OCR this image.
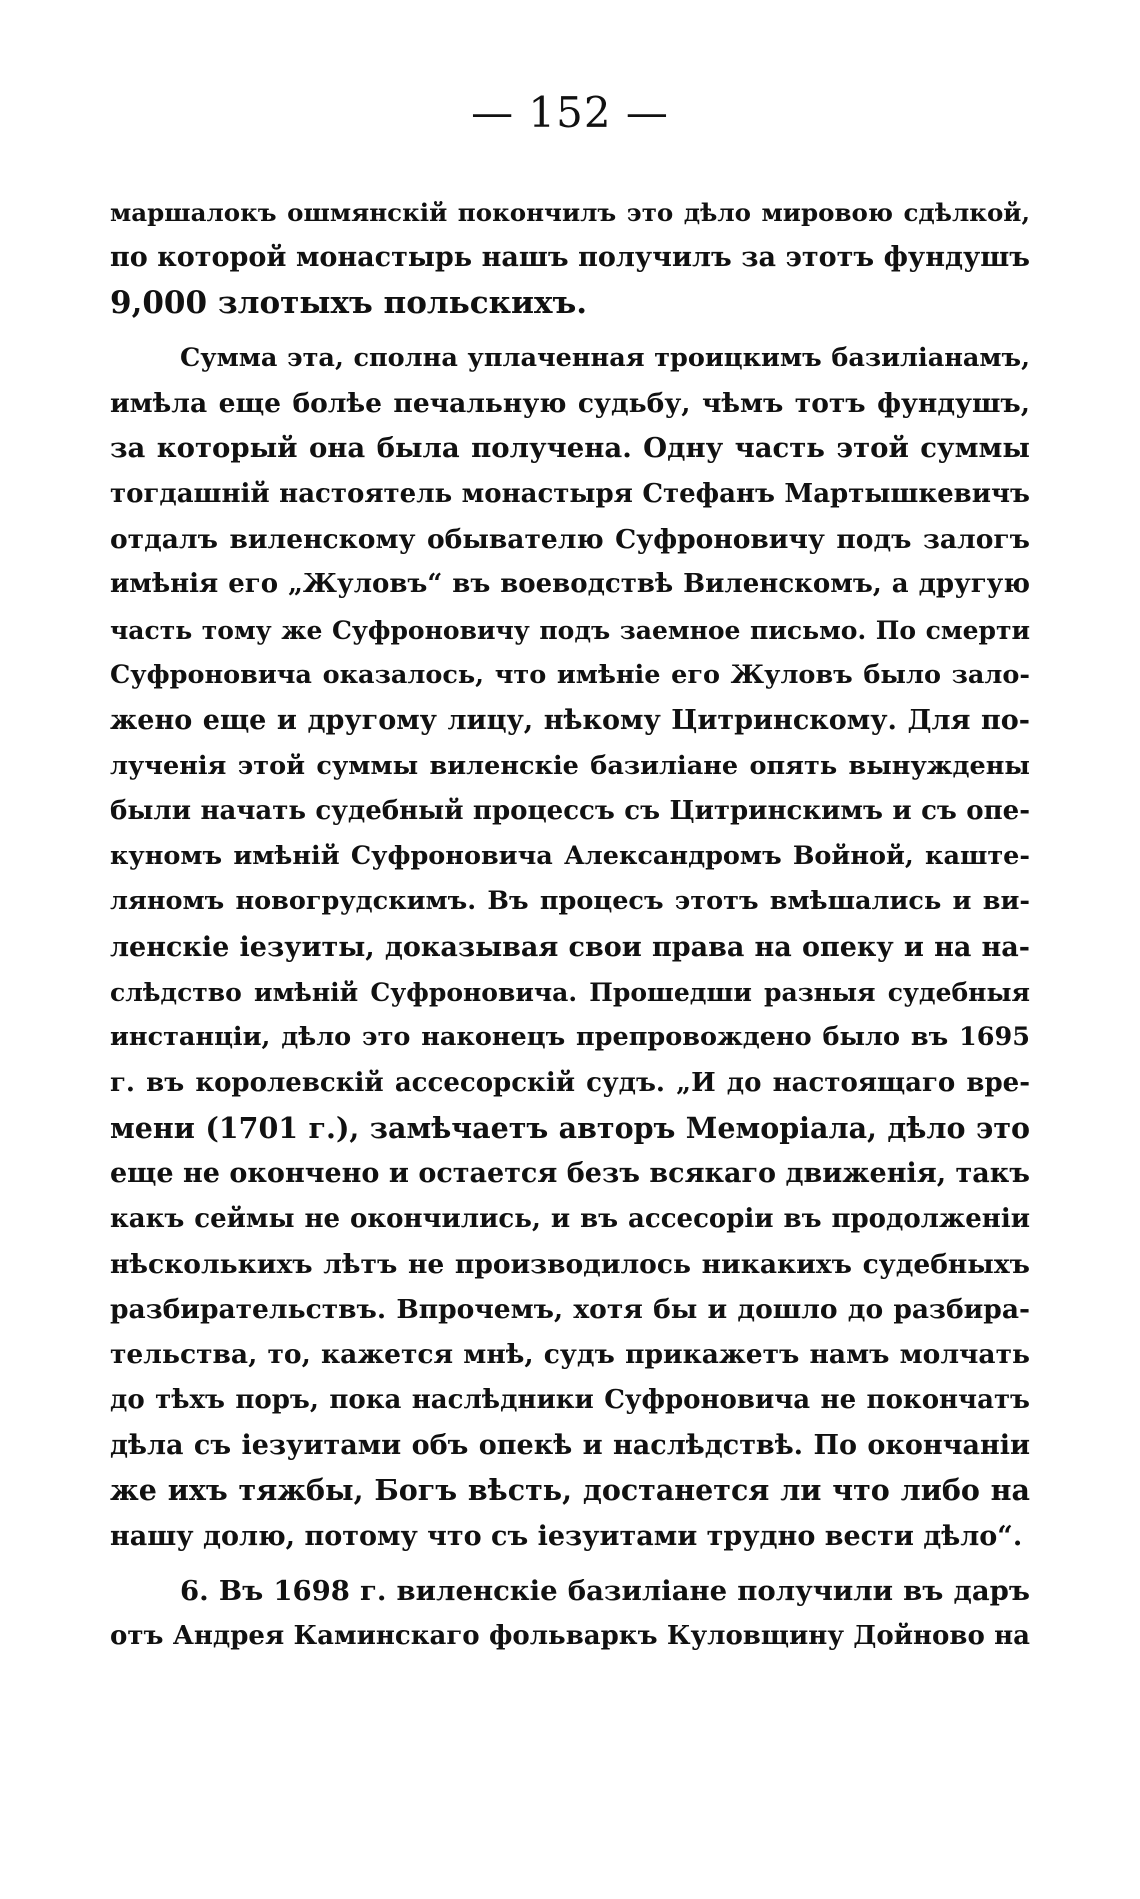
— 152 —
маршалокъ ошмянскій покончилъ это дѣло мировою сдѣлкой,
по которой монастырь нашъ получилъ за этотъ фундушъ
9,000 злотыхъ польскихъ.
Сумма эта, сполна уплаченная троицкимъ базиліанамъ,
имѣла еще болѣе печальную судьбу, чѣмъ тотъ фундушъ,
за который она была получена. Одну часть этой суммы
тогдашній настоятель монастыря Стефанъ Мартышкевичъ
отдалъ виленскому обывателю Суфроновичу подъ залогъ
имѣнія его „Жуловъ“ въ воеводствѣ Виленскомъ, а другую
часть тому же Суфроновичу подъ заемное письмо. По смерти
Суфроновича оказалось, что имѣніе его Жуловъ было зало-
жено еще и другому лицу, нѣкому Цитринскому. Для по-
лученія этой суммы виленскіе базиліане опять вынуждены
были начать судебный процессъ съ Цитринскимъ и съ опе-
куномъ имѣній Суфроновича Александромъ Войной, каште-
ляномъ новогрудскимъ. Въ процесъ этотъ вмѣшались и ви-
ленскіе іезуиты, доказывая свои права на опеку и на на-
слѣдство имѣній Суфроновича. Прошедши разныя судебныя
инстанціи, дѣло это наконецъ препровождено было въ 1695
г. въ королевскій ассесорскій судъ. „И до настоящаго вре-
мени (1701 г.), замѣчаетъ авторъ Меморіала, дѣло это
еще не окончено и остается безъ всякаго движенія, такъ
какъ сеймы не окончились, и въ ассесоріи въ продолженіи
нѣсколькихъ лѣтъ не производилось никакихъ судебныхъ
разбирательствъ. Впрочемъ, хотя бы и дошло до разбира-
тельства, то, кажется мнѣ, судъ прикажетъ намъ молчать
до тѣхъ поръ, пока наслѣдники Суфроновича не покончатъ
дѣла съ іезуитами объ опекѣ и наслѣдствѣ. По окончаніи
же ихъ тяжбы, Богъ вѣсть, достанется ли что либо на
нашу долю, потому что съ іезуитами трудно вести дѣло“.
6. Въ 1698 г. виленскіе базиліане получили въ даръ
отъ Андрея Каминскаго фольваркъ Куловщину Дойново на
